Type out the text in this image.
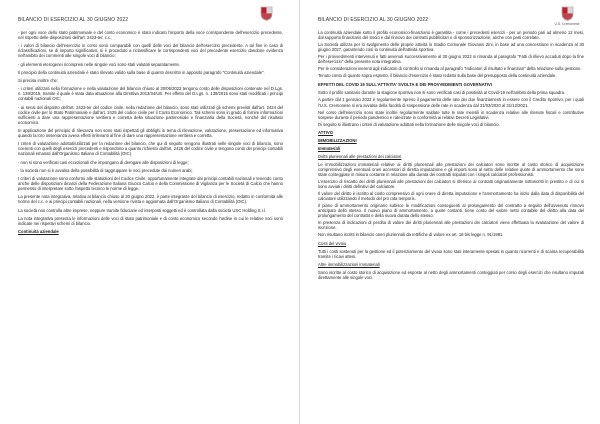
BILANCIO DI ESERCIZIO AL 30 GIUGNO 2022

- per ogni voce dello stato patrimoniale e del conto economico è stato indicato l'importo della voce corrispondente dell'esercizio precedente, nel rispetto delle disposizioni dell'art. 2423-ter, c.c.;

- i valori di bilancio dell'esercizio in corso sono comparabili con quelli delle voci del bilancio dell'esercizio precedente. A tal fine in caso di riclassificazioni, se di importo significativo, si è proceduto a riclassificare le corrispondenti voci del precedente esercizio dandone evidenza nell'ambito dei commenti alle singole voci di bilancio;

- gli elementi eterogenei ricompresi nelle singole voci sono stati valutati separatamente.

Il principio della continuità aziendale è stato rilevato valido sulla base di quanto descritto in apposito paragrafo "Continuità aziendale".

Si precisa inoltre che:

- i criteri utilizzati nella formazione e nella valutazione del bilancio chiuso al 30/06/2022 tengono conto delle disposizioni contenute nel D.Lgs. n. 139/2015, tramite il quale è stata data attuazione alla Direttiva 2013/34/UE. Per effetto del D.Lgs. n. 139/2015 sono stati modificati i principi contabili nazionali OIC;

- ai sensi del disposto dell'art. 2423-ter del codice civile, nella redazione del bilancio, sono stati utilizzati gli schemi previsti dall'art. 2424 del codice civile per lo Stato Patrimoniale e dall'art. 2425 del codice civile per il Conto Economico. Tali schemi sono in grado di fornire informazioni sufficienti a dare una rappresentazione veritiera e corretta della situazione patrimoniale e finanziaria della Società, nonché del risultato economico.

In applicazione del principio di rilevanza non sono stati rispettati gli obblighi in tema di rilevazione, valutazione, presentazione ed informativa quando la loro osservanza aveva effetti irrilevanti al fine di dare una rappresentazione veritiera e corretta.

I criteri di valutazione adottati/utilizzati per la redazione del bilancio, che qui di seguito vengono illustrati nelle singole voci di bilancio, sono coerenti con quelli degli esercizi precedenti e rispondono a quanto richiesto dall'art. 2426 del codice civile e tengono conto dei principi contabili nazionali emanati dall'Organismo Italiano di Contabilità (OIC).

- non si sono verificati casi eccezionali che impongano di derogare alle disposizioni di legge;

- la società non si è avvalsa della possibilità di raggruppare le voci precedute dai numeri arabi;

I criteri di valutazione sono conformi alle statuizioni del Codice Civile, opportunamente integrate dai principi contabili nazionali e tenendo conto anche delle disposizioni dinanzi della Federazione Italiana Giuoco Calcio e della Commissione di Vigilanza per le Società di Calcio che hanno permesso di interpretare sotto l'aspetto tecnico le norme di legge.

La presente nota integrativa, relativa al bilancio chiuso al 30 giugno 2022, è parte integrante del bilancio di esercizio, redatto in conformità alle norme del c.c. e ai principi contabili nazionali, nella versione rivista e aggiornata dall'Organismo Italiano di Contabilità (OIC).

La società non controlla altre imprese, neppure tramite fiduciarie ed interposti soggetti ed è controllata dalla società USC Holding S.r.l.

La nota integrativa presenta le informazioni delle voci di stato patrimoniale e di conto economico secondo l'ordine in cui le relative voci sono indicate nei rispettivi schemi di bilancio.

Continuità aziendale
BILANCIO DI ESERCIZIO AL 30 GIUGNO 2022
U.S. Cremonese

La continuità aziendale sotto il profilo economico-finanziario è garantita - come i precedenti esercizi - per un periodo pari ad almeno 12 mesi, dal supporto finanziario del Socio e dal rinnovo dei contratti pubblicitari e di sponsorizzazione, anche con parti correlate.

La Società utilizza per lo svolgimento delle proprie attività lo Stadio Comunale Giovanni Zini, in base ad una concessione in scadenza al 30 giugno 2027, garantendo così la continuità dell'attività sportiva.

Per i provvedimenti intervenuti e fatti avvenuti successivamente al 30 giugno 2022 si rimanda al paragrafo "Fatti di rilievo accaduti dopo la fine dell'esercizio" della presente nota integrativa.

Per le considerazioni inerenti agli indicatori di controllo si rimanda al paragrafo "Indicatori di risultato e finanziari" della relazione sulla gestione.

Tenuto conto di quanto sopra esposto, il bilancio d'esercizio è stato redatto sulla base del presupposto della continuità aziendale.

EFFETTI DEL COVID 19 SULL'ATTIVITA' SVOLTA E DEI PROVVEDIMENTI GOVERNATIVI

Sotto il profilo sanitario durante la stagione sportiva non si sono verificati casi di positività al Covid-19 nell'ambito della prima squadra.

A partire dal 1 gennaio 2022 è regolarmente ripreso il pagamento delle rate dei due finanziamenti in essere con il Credito Sportivo, per i quali l'U.S. Cremonese si era avvalsa della facoltà di sospensione delle rate in scadenza dal 31/03/2020 al 31/12/2021.

Nel corso dell'esercizio sono state inoltre regolarmente saldate tutte le rate mensili in scadenza relative alle ritenute fiscali e contributive sospese durante il periodo pandemico e rateizzate in conformità ai relativi Decreti Legislativi.

Di seguito si illustrano i criteri di valutazione adottati nella formazione delle singole voci di bilancio.

ATTIVO
IMMOBILIZZAZIONI
Immateriali
Diritti pluriennali alle prestazioni dei calciatori

Le immobilizzazioni immateriali relative ai diritti pluriennali alle prestazioni dei calciatori sono iscritte al costo storico di acquisizione comprensivo degli eventuali oneri accessori di diretta imputazione e gli importi sono al netto delle relative quote di ammortamento che sono state conteggiate in misura costante in relazione alla durata dei contratti stipulati con i singoli calciatori professionisti.

L'esercizio di riscatto dei diritti pluriennali alle prestazioni dei calciatori si riferisce ai contratti originariamente sottoscritti in prestito e di cui si sono avviati i diritti definitivi del calciatore.

Il valore del diritto è iscritto al costo comprensivo di ogni onere di diretta imputazione e l'ammortamento ha inizio dalla data di disponibilità del calciatore utilizzando il metodo del pro rata temporis.

Il piano di ammortamento originario subisce le modificazioni conseguenti al prolungamento del contratto a seguito dell'avvenuto rinnovo anticipato dello stesso. Il nuovo piano di ammortamento, a quote costanti, tiene conto del valore netto contabile del diritto alla data del prolungamento del contratto e della nuova durata dello stesso.

In presenza di indicazioni di perdita di valore dei diritti pluriennali alle prestazioni dei calciatori viene effettuata la svalutazione del valore di iscrizione.

Non risultano iscritti in bilancio oneri pluriennali da rettifiche di valore ex art. 18 bis legge n. 91/1981.

Costi del vivaio

Tutti i costi sostenuti per la gestione ed il potenziamento del vivaio sono stati interamente spesati in quanto ricorrenti e di scarsa recuperabilità tramite i ricavi attesi.

Altre immobilizzazioni immateriali

Sono iscritte al costo storico di acquisizione ed esposte al netto degli ammortamenti conteggiati per corso degli esercizi che risultano imputati direttamente alle singole voci.
